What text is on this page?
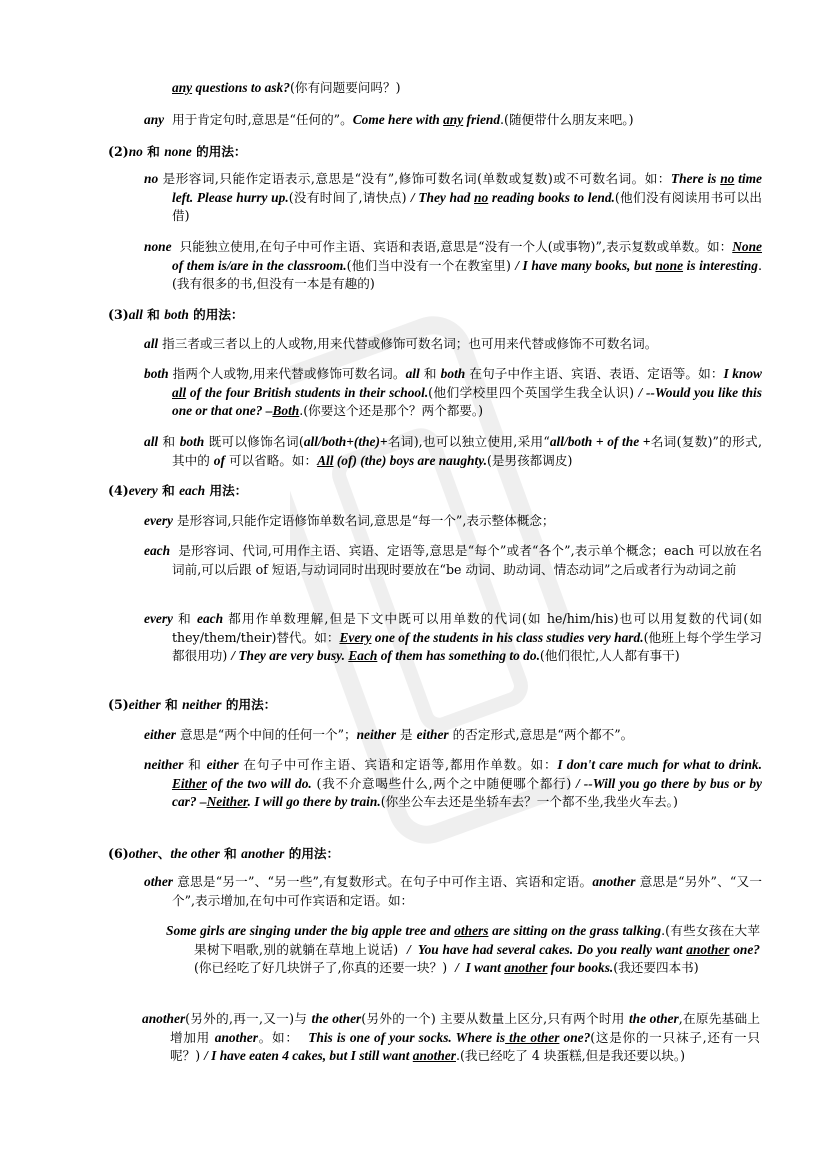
any questions to ask?(你有问题要问吗？)
any  用于肯定句时,意思是“任何的”。Come here with any friend.(随便带什么朋友来吧。)
(2)no 和 none 的用法：
no 是形容词,只能作定语表示,意思是“没有”,修饰可数名词(单数或复数)或不可数名词。如：There is no time left. Please hurry up.(没有时间了,请快点) / They had no reading books to lend.(他们没有阅读用书可以出借)
none  只能独立使用,在句子中可作主语、宾语和表语,意思是“没有一个人(或事物)”,表示复数或单数。如：None of them is/are in the classroom.(他们当中没有一个在教室里) / I have many books, but none is interesting.(我有很多的书,但没有一本是有趣的)
(3)all 和 both 的用法：
all 指三者或三者以上的人或物,用来代替或修饰可数名词；也可用来代替或修饰不可数名词。
both 指两个人或物,用来代替或修饰可数名词。all 和 both 在句子中作主语、宾语、表语、定语等。如：I know all of the four British students in their school.(他们学校里四个英国学生我全认识) / --Would you like this one or that one? –Both.(你要这个还是那个？两个都要。)
all 和 both 既可以修饰名词(all/both+(the)+名词),也可以独立使用,采用“all/both + of the +名词(复数)”的形式,其中的 of 可以省略。如：All (of) (the) boys are naughty.(是男孩都调皮)
(4)every 和 each 用法：
every 是形容词,只能作定语修饰单数名词,意思是“每一个”,表示整体概念；
each  是形容词、代词,可用作主语、宾语、定语等,意思是“每个”或者“各个”,表示单个概念；each 可以放在名词前,可以后跟 of 短语,与动词同时出现时要放在“be 动词、助动词、情态动词”之后或者行为动词之前
every 和 each 都用作单数理解,但是下文中既可以用单数的代词(如 he/him/his)也可以用复数的代词(如 they/them/their)替代。如：Every one of the students in his class studies very hard.(他班上每个学生学习都很用功) / They are very busy. Each of them has something to do.(他们很忙,人人都有事干)
(5)either 和 neither 的用法：
either 意思是“两个中间的任何一个”；neither 是 either 的否定形式,意思是“两个都不”。
neither 和 either 在句子中可作主语、宾语和定语等,都用作单数。如：I don't care much for what to drink. Either of the two will do. (我不介意喝些什么,两个之中随便哪个都行) / --Will you go there by bus or by car? –Neither. I will go there by train.(你坐公车去还是坐轿车去？一个都不坐,我坐火车去。)
(6)other、the other 和 another 的用法：
other 意思是“另一”、“另一些”,有复数形式。在句子中可作主语、宾语和定语。another 意思是“另外”、“又一个”,表示增加,在句中可作宾语和定语。如：
Some girls are singing under the big apple tree and others are sitting on the grass talking.(有些女孩在大苹果树下唱歌,别的就躺在草地上说话)  /  You have had several cakes. Do you really want another one?(你已经吃了好几块饼子了,你真的还要一块？)  /  I want another four books.(我还要四本书)
another(另外的,再一,又一)与 the other(另外的一个) 主要从数量上区分,只有两个时用 the other,在原先基础上增加用 another。如：  This is one of your socks. Where is the other one?(这是你的一只袜子,还有一只呢？) / I have eaten 4 cakes, but I still want another.(我已经吃了 4 块蛋糕,但是我还要以块。)
